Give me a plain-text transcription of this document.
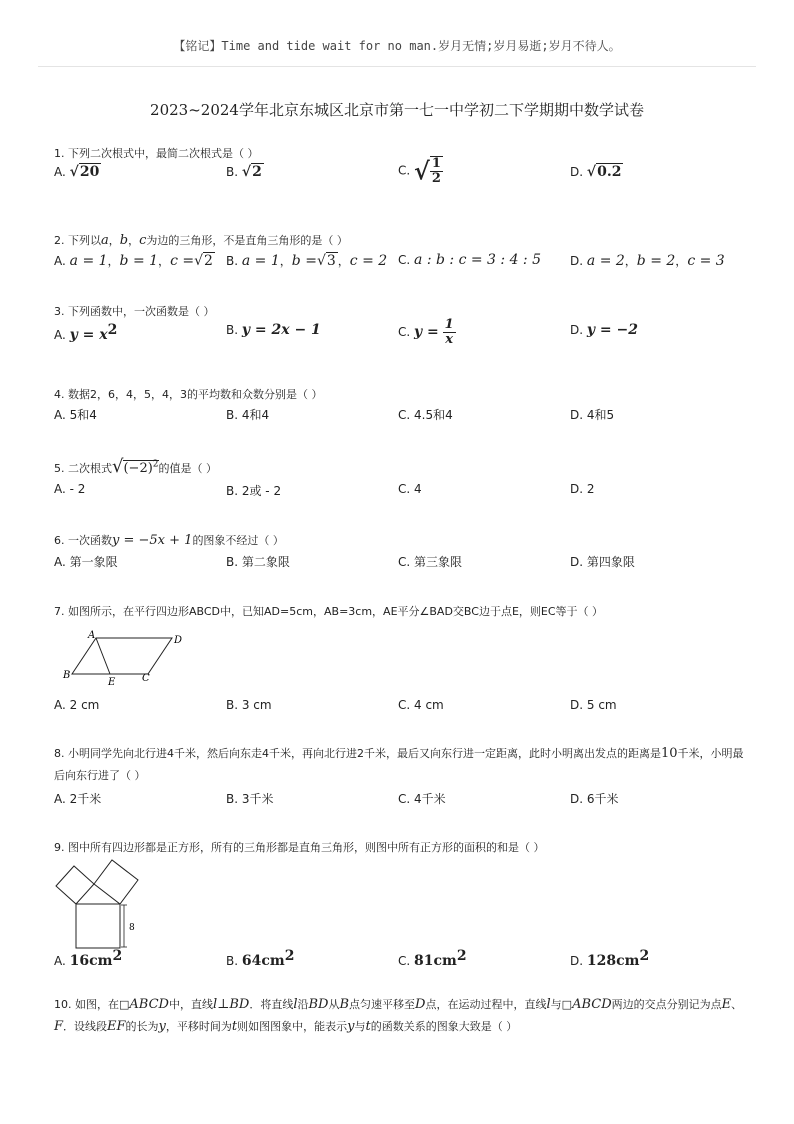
【铭记】Time and tide wait for no man.岁月无情;岁月易逝;岁月不待人。
2023~2024学年北京东城区北京市第一七一中学初二下学期期中数学试卷
1. 下列二次根式中，最简二次根式是（ ）
A. √20	B. √2	C. √ $\frac{1}{2}$	D. √0.2
2. 下列以a，b，c为边的三角形，不是直角三角形的是（ ）
A. a = 1，b = 1，c =√2 B. a = 1，b =√3 ，c = 2 C. a : b : c = 3 : 4 : 5 D. a = 2，b = 2，c = 3
3. 下列函数中，一次函数是（ ）
A. $y = x^2$	B. y = 2x − 1	C. $y = \frac{1}{x}$	D. y = −2
4. 数据2，6，4，5，4，3的平均数和众数分别是（ ）
A. 5和4	B. 4和4	C. 4.5和4	D. 4和5
5. 二次根式$√(-2)^2$的值是（ ）
A. - 2	B. 2或 - 2	C. 4	D. 2
6. 一次函数y = −5x + 1的图象不经过（ ）
A. 第一象限	B. 第二象限	C. 第三象限	D. 第四象限
7. 如图所示，在平行四边形ABCD中，已知AD=5cm，AB=3cm，AE平分∠BAD交BC边于点E，则EC等于（ ）
A	D
B
E	C
A. 2 cm	B. 3 cm	C. 4 cm	D. 5 cm
8. 小明同学先向北行进4千米，然后向东走4千米，再向北行进2千米，最后又向东行进一定距离，此时小明离出发点的距离是10千米，小明最后向东行进了（ ）
A. 2千米	B. 3千米	C. 4千米	D. 6千米
9. 图中所有四边形都是正方形，所有的三角形都是直角三角形，则图中所有正方形的面积的和是（ ）
8
A. $16cm^2$	B. $64cm^2$	C. $81cm^2$	D. $128cm^2$
10. 如图，在□ABCD中，直线l⊥BD．将直线l沿BD从B点匀速平移至D点，在运动过程中，直线l与□ABCD两边的交点分别记为点E、F．设线段EF的长为y，平移时间为t则如图图象中，能表示y与t的函数关系的图象大致是（ ）
